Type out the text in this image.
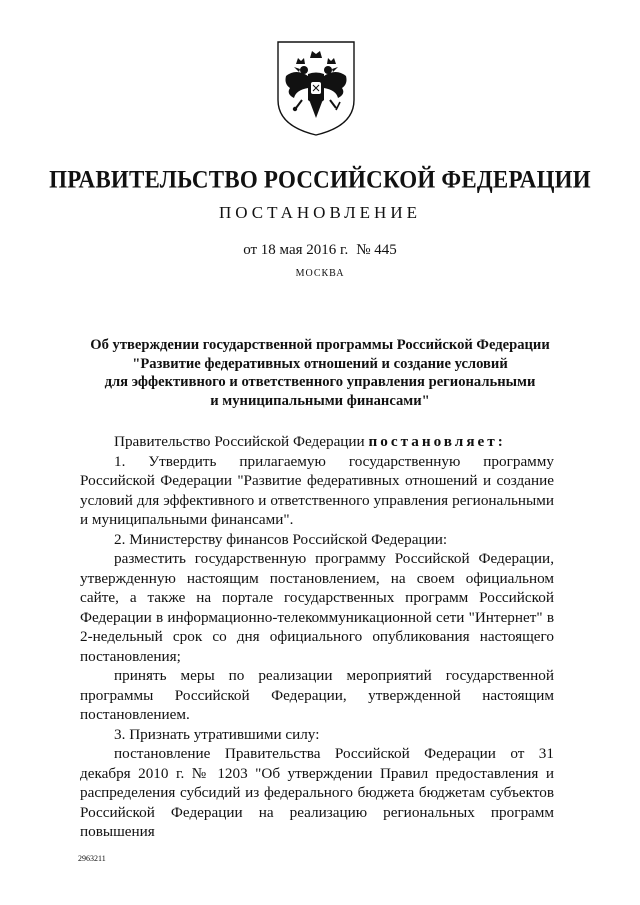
ПРАВИТЕЛЬСТВО РОССИЙСКОЙ ФЕДЕРАЦИИ
ПОСТАНОВЛЕНИЕ
от 18 мая 2016 г. № 445
МОСКВА
Об утверждении государственной программы Российской Федерации
"Развитие федеративных отношений и создание условий
для эффективного и ответственного управления региональными
и муниципальными финансами"

Правительство Российской Федерации постановляет:

1. Утвердить прилагаемую государственную программу Российской Федерации "Развитие федеративных отношений и создание условий для эффективного и ответственного управления региональными и муниципальными финансами".

2. Министерству финансов Российской Федерации:

разместить государственную программу Российской Федерации, утвержденную настоящим постановлением, на своем официальном сайте, а также на портале государственных программ Российской Федерации в информационно-телекоммуникационной сети "Интернет" в 2-недельный срок со дня официального опубликования настоящего постановления;

принять меры по реализации мероприятий государственной программы Российской Федерации, утвержденной настоящим постановлением.

3. Признать утратившими силу:

постановление Правительства Российской Федерации от 31 декабря 2010 г. № 1203 "Об утверждении Правил предоставления и распределения субсидий из федерального бюджета бюджетам субъектов Российской Федерации на реализацию региональных программ повышения

2963211
